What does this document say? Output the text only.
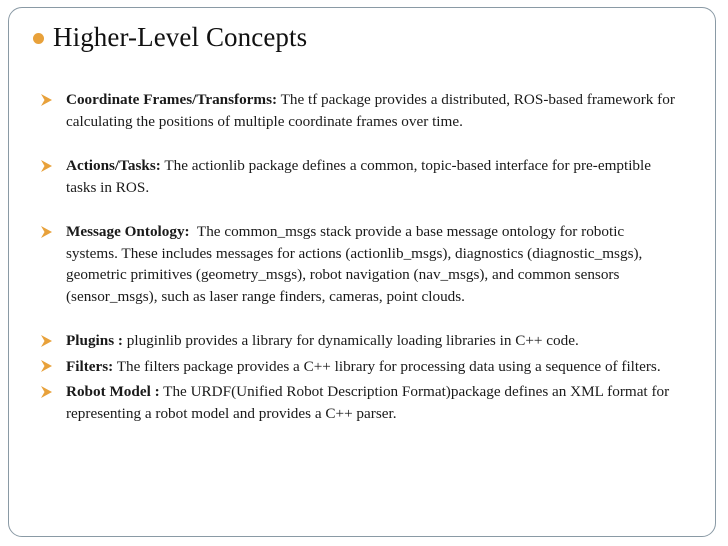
Higher-Level Concepts
Coordinate Frames/Transforms: The tf package provides a distributed, ROS-based framework for calculating the positions of multiple coordinate frames over time.
Actions/Tasks: The actionlib package defines a common, topic-based interface for pre-emptible tasks in ROS.
Message Ontology:  The common_msgs stack provide a base message ontology for robotic systems. These includes messages for actions (actionlib_msgs), diagnostics (diagnostic_msgs), geometric primitives (geometry_msgs), robot navigation (nav_msgs), and common sensors (sensor_msgs), such as laser range finders, cameras, point clouds.
Plugins : pluginlib provides a library for dynamically loading libraries in C++ code.
Filters: The filters package provides a C++ library for processing data using a sequence of filters.
Robot Model : The URDF(Unified Robot Description Format)package defines an XML format for representing a robot model and provides a C++ parser.
